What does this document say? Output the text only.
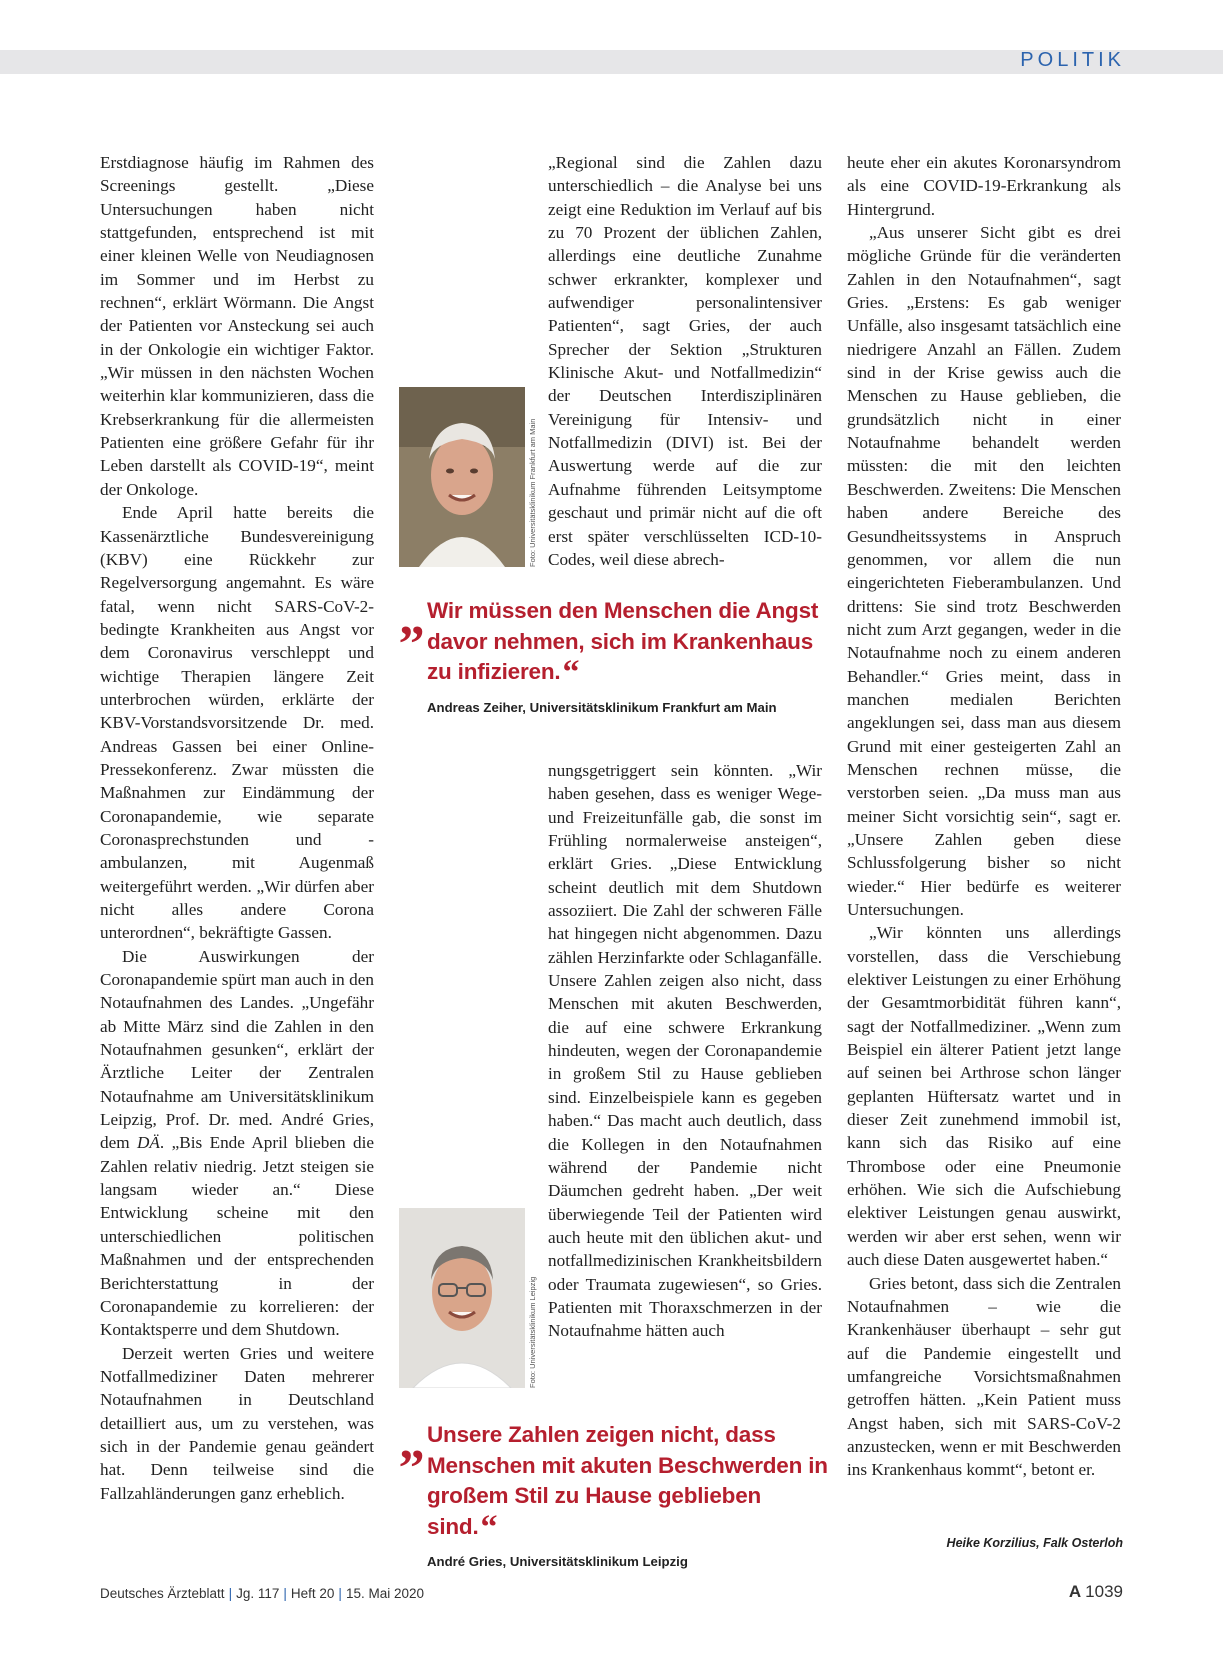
POLITIK

Erstdiagnose häufig im Rahmen des Screenings gestellt. „Diese Untersuchungen haben nicht stattgefunden, entsprechend ist mit einer kleinen Welle von Neudiagnosen im Sommer und im Herbst zu rechnen“, erklärt Wörmann. Die Angst der Patienten vor Ansteckung sei auch in der Onkologie ein wichtiger Faktor. „Wir müssen in den nächsten Wochen weiterhin klar kommunizieren, dass die Krebserkrankung für die allermeisten Patienten eine größere Gefahr für ihr Leben darstellt als COVID-19“, meint der Onkologe.

Ende April hatte bereits die Kassenärztliche Bundesvereinigung (KBV) eine Rückkehr zur Regelversorgung angemahnt. Es wäre fatal, wenn nicht SARS-CoV-2-bedingte Krankheiten aus Angst vor dem Coronavirus verschleppt und wichtige Therapien längere Zeit unterbrochen würden, erklärte der KBV-Vorstandsvorsitzende Dr. med. Andreas Gassen bei einer Online-Pressekonferenz. Zwar müssten die Maßnahmen zur Eindämmung der Coronapandemie, wie separate Coronasprechstunden und -ambulanzen, mit Augenmaß weitergeführt werden. „Wir dürfen aber nicht alles andere Corona unterordnen“, bekräftigte Gassen.

Die Auswirkungen der Coronapandemie spürt man auch in den Notaufnahmen des Landes. „Ungefähr ab Mitte März sind die Zahlen in den Notaufnahmen gesunken“, erklärt der Ärztliche Leiter der Zentralen Notaufnahme am Universitätsklinikum Leipzig, Prof. Dr. med. André Gries, dem DÄ. „Bis Ende April blieben die Zahlen relativ niedrig. Jetzt steigen sie langsam wieder an.“ Diese Entwicklung scheine mit den unterschiedlichen politischen Maßnahmen und der entsprechenden Berichterstattung in der Coronapandemie zu korrelieren: der Kontaktsperre und dem Shutdown.

Derzeit werten Gries und weitere Notfallmediziner Daten mehrerer Notaufnahmen in Deutschland detailliert aus, um zu verstehen, was sich in der Pandemie genau geändert hat. Denn teilweise sind die Fallzahländerungen ganz erheblich.

Foto: Universitätsklinikum Frankfurt am Main

„Regional sind die Zahlen dazu unterschiedlich – die Analyse bei uns zeigt eine Reduktion im Verlauf auf bis zu 70 Prozent der üblichen Zahlen, allerdings eine deutliche Zunahme schwer erkrankter, komplexer und aufwendiger personalintensiver Patienten“, sagt Gries, der auch Sprecher der Sektion „Strukturen Klinische Akut- und Notfallmedizin“ der Deutschen Interdisziplinären Vereinigung für Intensiv- und Notfallmedizin (DIVI) ist. Bei der Auswertung werde auf die zur Aufnahme führenden Leitsymptome geschaut und primär nicht auf die oft erst später verschlüsselten ICD-10-Codes, weil diese abrech-

„ Wir müssen den Menschen die Angst davor nehmen, sich im Krankenhaus zu infizieren.“
Andreas Zeiher, Universitätsklinikum Frankfurt am Main

nungsgetriggert sein könnten. „Wir haben gesehen, dass es weniger Wege- und Freizeitunfälle gab, die sonst im Frühling normalerweise ansteigen“, erklärt Gries. „Diese Entwicklung scheint deutlich mit dem Shutdown assoziiert. Die Zahl der schweren Fälle hat hingegen nicht abgenommen. Dazu zählen Herzinfarkte oder Schlaganfälle. Unsere Zahlen zeigen also nicht, dass Menschen mit akuten Beschwerden, die auf eine schwere Erkrankung hindeuten, wegen der Coronapandemie in großem Stil zu Hause geblieben sind. Einzelbeispiele kann es gegeben haben.“ Das macht auch deutlich, dass die Kollegen in den Notaufnahmen während der Pandemie nicht Däumchen gedreht haben. „Der weit überwiegende Teil der Patienten wird auch heute mit den üblichen akut- und notfallmedizinischen Krankheitsbildern oder Traumata zugewiesen“, so Gries. Patienten mit Thoraxschmerzen in der Notaufnahme hätten auch

Foto: Universitätsklinikum Leipzig
„ Unsere Zahlen zeigen nicht, dass Menschen mit akuten Beschwerden in großem Stil zu Hause geblieben sind.“
André Gries, Universitätsklinikum Leipzig

heute eher ein akutes Koronarsyndrom als eine COVID-19-Erkrankung als Hintergrund.

„Aus unserer Sicht gibt es drei mögliche Gründe für die veränderten Zahlen in den Notaufnahmen“, sagt Gries. „Erstens: Es gab weniger Unfälle, also insgesamt tatsächlich eine niedrigere Anzahl an Fällen. Zudem sind in der Krise gewiss auch die Menschen zu Hause geblieben, die grundsätzlich nicht in einer Notaufnahme behandelt werden müssten: die mit den leichten Beschwerden. Zweitens: Die Menschen haben andere Bereiche des Gesundheitssystems in Anspruch genommen, vor allem die nun eingerichteten Fieberambulanzen. Und drittens: Sie sind trotz Beschwerden nicht zum Arzt gegangen, weder in die Notaufnahme noch zu einem anderen Behandler.“ Gries meint, dass in manchen medialen Berichten angeklungen sei, dass man aus diesem Grund mit einer gesteigerten Zahl an Menschen rechnen müsse, die verstorben seien. „Da muss man aus meiner Sicht vorsichtig sein“, sagt er. „Unsere Zahlen geben diese Schlussfolgerung bisher so nicht wieder.“ Hier bedürfe es weiterer Untersuchungen.

„Wir könnten uns allerdings vorstellen, dass die Verschiebung elektiver Leistungen zu einer Erhöhung der Gesamtmorbidität führen kann“, sagt der Notfallmediziner. „Wenn zum Beispiel ein älterer Patient jetzt lange auf seinen bei Arthrose schon länger geplanten Hüftersatz wartet und in dieser Zeit zunehmend immobil ist, kann sich das Risiko auf eine Thrombose oder eine Pneumonie erhöhen. Wie sich die Aufschiebung elektiver Leistungen genau auswirkt, werden wir aber erst sehen, wenn wir auch diese Daten ausgewertet haben.“

Gries betont, dass sich die Zentralen Notaufnahmen – wie die Krankenhäuser überhaupt – sehr gut auf die Pandemie eingestellt und umfangreiche Vorsichtsmaßnahmen getroffen hätten. „Kein Patient muss Angst haben, sich mit SARS-CoV-2 anzustecken, wenn er mit Beschwerden ins Krankenhaus kommt“, betont er.

Heike Korzilius, Falk Osterloh
Deutsches Ärzteblatt | Jg. 117 | Heft 20 | 15. Mai 2020	A 1039
